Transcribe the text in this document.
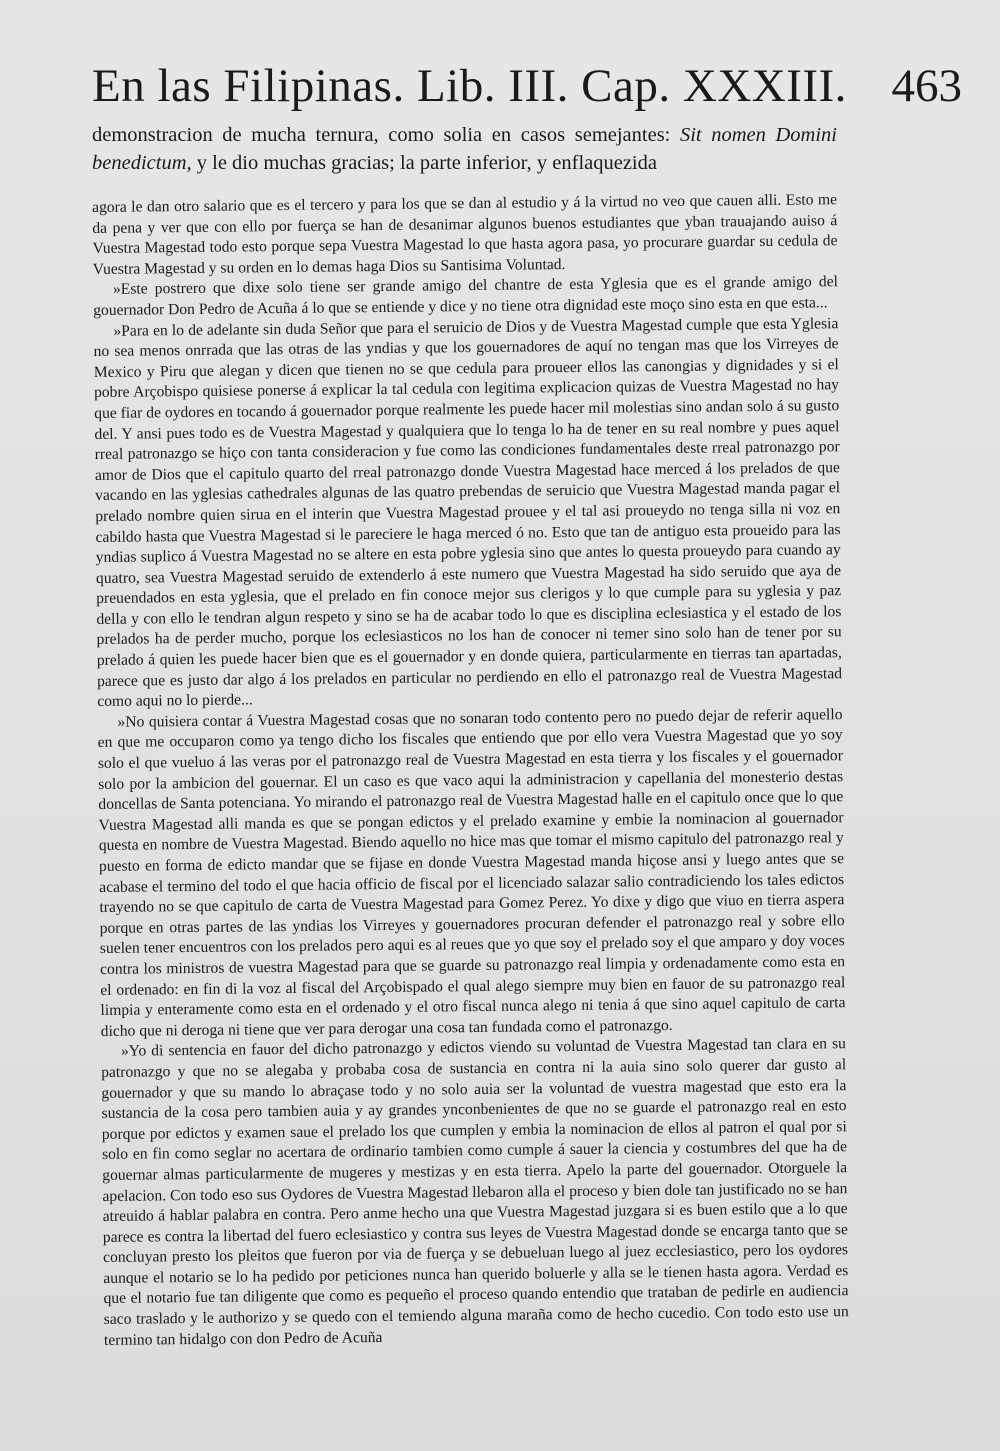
En las Filipinas. Lib. III. Cap. XXXIII. 463
demonstracion de mucha ternura, como solia en casos semejantes: Sit nomen Domini benedictum, y le dio muchas gracias; la parte inferior, y enflaquezida

agora le dan otro salario que es el tercero y para los que se dan al estudio y á la virtud no veo que cauen alli. Esto me da pena y ver que con ello por fuerça se han de desanimar algunos buenos estudiantes que yban trauajando auiso á Vuestra Magestad todo esto porque sepa Vuestra Magestad lo que hasta agora pasa, yo procurare guardar su cedula de Vuestra Magestad y su orden en lo demas haga Dios su Santisima Voluntad.

»Este postrero que dixe solo tiene ser grande amigo del chantre de esta Yglesia que es el grande amigo del gouernador Don Pedro de Acuña á lo que se entiende y dice y no tiene otra dignidad este moço sino esta en que esta...

»Para en lo de adelante sin duda Señor que para el seruicio de Dios y de Vuestra Magestad cumple que esta Yglesia no sea menos onrrada que las otras de las yndias y que los gouernadores de aquí no tengan mas que los Virreyes de Mexico y Piru que alegan y dicen que tienen no se que cedula para proueer ellos las canongias y dignidades y si el pobre Arçobispo quisiese ponerse á explicar la tal cedula con legitima explicacion quizas de Vuestra Magestad no hay que fiar de oydores en tocando á gouernador porque realmente les puede hacer mil molestias sino andan solo á su gusto del. Y ansi pues todo es de Vuestra Magestad y qualquiera que lo tenga lo ha de tener en su real nombre y pues aquel rreal patronazgo se hiço con tanta consideracion y fue como las condiciones fundamentales deste rreal patronazgo por amor de Dios que el capitulo quarto del rreal patronazgo donde Vuestra Magestad hace merced á los prelados de que vacando en las yglesias cathedrales algunas de las quatro prebendas de seruicio que Vuestra Magestad manda pagar el prelado nombre quien sirua en el interin que Vuestra Magestad prouee y el tal asi proueydo no tenga silla ni voz en cabildo hasta que Vuestra Magestad si le pareciere le haga merced ó no. Esto que tan de antiguo esta proueido para las yndias suplico á Vuestra Magestad no se altere en esta pobre yglesia sino que antes lo questa proueydo para cuando ay quatro, sea Vuestra Magestad seruido de extenderlo á este numero que Vuestra Magestad ha sido seruido que aya de preuendados en esta yglesia, que el prelado en fin conoce mejor sus clerigos y lo que cumple para su yglesia y paz della y con ello le tendran algun respeto y sino se ha de acabar todo lo que es disciplina eclesiastica y el estado de los prelados ha de perder mucho, porque los eclesiasticos no los han de conocer ni temer sino solo han de tener por su prelado á quien les puede hacer bien que es el gouernador y en donde quiera, particularmente en tierras tan apartadas, parece que es justo dar algo á los prelados en particular no perdiendo en ello el patronazgo real de Vuestra Magestad como aqui no lo pierde...

»No quisiera contar á Vuestra Magestad cosas que no sonaran todo contento pero no puedo dejar de referir aquello en que me occuparon como ya tengo dicho los fiscales que entiendo que por ello vera Vuestra Magestad que yo soy solo el que vueluo á las veras por el patronazgo real de Vuestra Magestad en esta tierra y los fiscales y el gouernador solo por la ambicion del gouernar. El un caso es que vaco aqui la administracion y capellania del monesterio destas doncellas de Santa potenciana. Yo mirando el patronazgo real de Vuestra Magestad halle en el capitulo once que lo que Vuestra Magestad alli manda es que se pongan edictos y el prelado examine y embie la nominacion al gouernador questa en nombre de Vuestra Magestad. Biendo aquello no hice mas que tomar el mismo capitulo del patronazgo real y puesto en forma de edicto mandar que se fijase en donde Vuestra Magestad manda hiçose ansi y luego antes que se acabase el termino del todo el que hacia officio de fiscal por el licenciado salazar salio contradiciendo los tales edictos trayendo no se que capitulo de carta de Vuestra Magestad para Gomez Perez. Yo dixe y digo que viuo en tierra aspera porque en otras partes de las yndias los Virreyes y gouernadores procuran defender el patronazgo real y sobre ello suelen tener encuentros con los prelados pero aqui es al reues que yo que soy el prelado soy el que amparo y doy voces contra los ministros de vuestra Magestad para que se guarde su patronazgo real limpia y ordenadamente como esta en el ordenado: en fin di la voz al fiscal del Arçobispado el qual alego siempre muy bien en fauor de su patronazgo real limpia y enteramente como esta en el ordenado y el otro fiscal nunca alego ni tenia á que sino aquel capitulo de carta dicho que ni deroga ni tiene que ver para derogar una cosa tan fundada como el patronazgo.

»Yo di sentencia en fauor del dicho patronazgo y edictos viendo su voluntad de Vuestra Magestad tan clara en su patronazgo y que no se alegaba y probaba cosa de sustancia en contra ni la auia sino solo querer dar gusto al gouernador y que su mando lo abraçase todo y no solo auia ser la voluntad de vuestra magestad que esto era la sustancia de la cosa pero tambien auia y ay grandes ynconbenientes de que no se guarde el patronazgo real en esto porque por edictos y examen saue el prelado los que cumplen y embia la nominacion de ellos al patron el qual por si solo en fin como seglar no acertara de ordinario tambien como cumple á sauer la ciencia y costumbres del que ha de gouernar almas particularmente de mugeres y mestizas y en esta tierra. Apelo la parte del gouernador. Otorguele la apelacion. Con todo eso sus Oydores de Vuestra Magestad llebaron alla el proceso y bien dole tan justificado no se han atreuido á hablar palabra en contra. Pero anme hecho una que Vuestra Magestad juzgara si es buen estilo que a lo que parece es contra la libertad del fuero eclesiastico y contra sus leyes de Vuestra Magestad donde se encarga tanto que se concluyan presto los pleitos que fueron por via de fuerça y se debueluan luego al juez ecclesiastico, pero los oydores aunque el notario se lo ha pedido por peticiones nunca han querido boluerle y alla se le tienen hasta agora. Verdad es que el notario fue tan diligente que como es pequeño el proceso quando entendio que trataban de pedirle en audiencia saco traslado y le authorizo y se quedo con el temiendo alguna maraña como de hecho cucedio. Con todo esto use un termino tan hidalgo con don Pedro de Acuña
